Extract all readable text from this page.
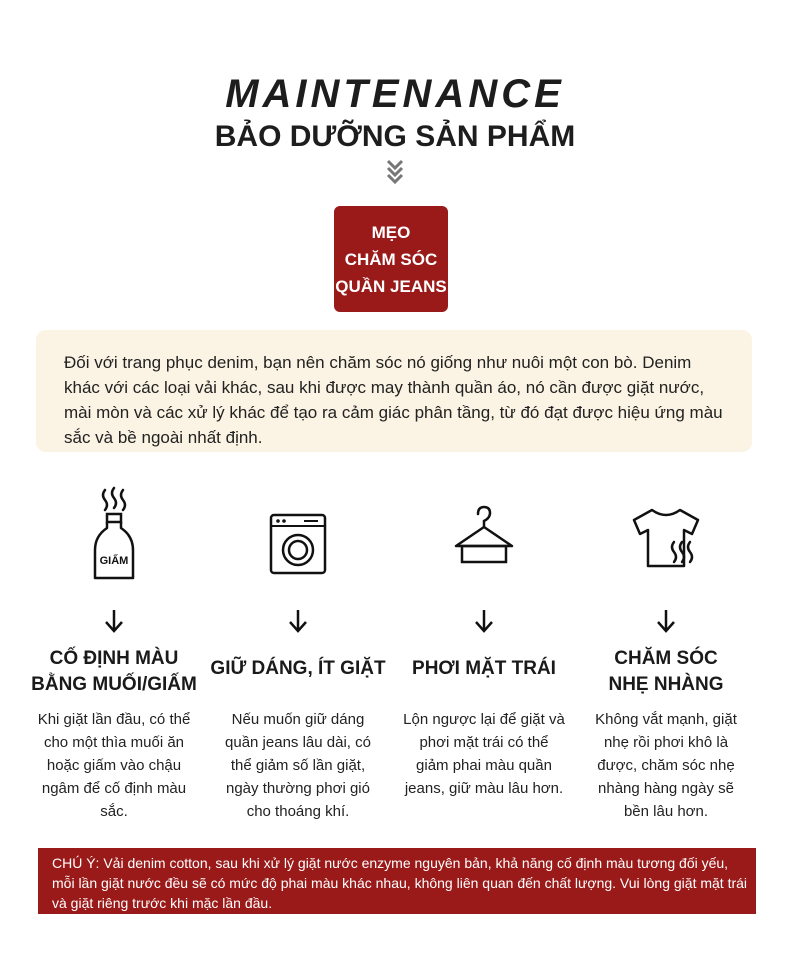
MAINTENANCE
BẢO DƯỠNG SẢN PHẨM
MẸO
CHĂM SÓC
QUẦN JEANS
Đối với trang phục denim, bạn nên chăm sóc nó giống như nuôi một con bò. Denim khác với các loại vải khác, sau khi được may thành quần áo, nó cần được giặt nước, mài mòn và các xử lý khác để tạo ra cảm giác phân tầng, từ đó đạt được hiệu ứng màu sắc và bề ngoài nhất định.
GIẤM
CỐ ĐỊNH MÀU
BẰNG MUỐI/GIẤM
Khi giặt lần đầu, có thể cho một thìa muối ăn hoặc giấm vào chậu ngâm để cố định màu sắc.
GIỮ DÁNG, ÍT GIẶT
Nếu muốn giữ dáng quần jeans lâu dài, có thể giảm số lần giặt, ngày thường phơi gió cho thoáng khí.
PHƠI MẶT TRÁI
Lộn ngược lại để giặt và phơi mặt trái có thể giảm phai màu quần jeans, giữ màu lâu hơn.
CHĂM SÓC
NHẸ NHÀNG
Không vắt mạnh, giặt nhẹ rồi phơi khô là được, chăm sóc nhẹ nhàng hàng ngày sẽ bền lâu hơn.
CHÚ Ý: Vải denim cotton, sau khi xử lý giặt nước enzyme nguyên bản, khả năng cố định màu tương đối yếu, mỗi lần giặt nước đều sẽ có mức độ phai màu khác nhau, không liên quan đến chất lượng. Vui lòng giặt mặt trái và giặt riêng trước khi mặc lần đầu.
